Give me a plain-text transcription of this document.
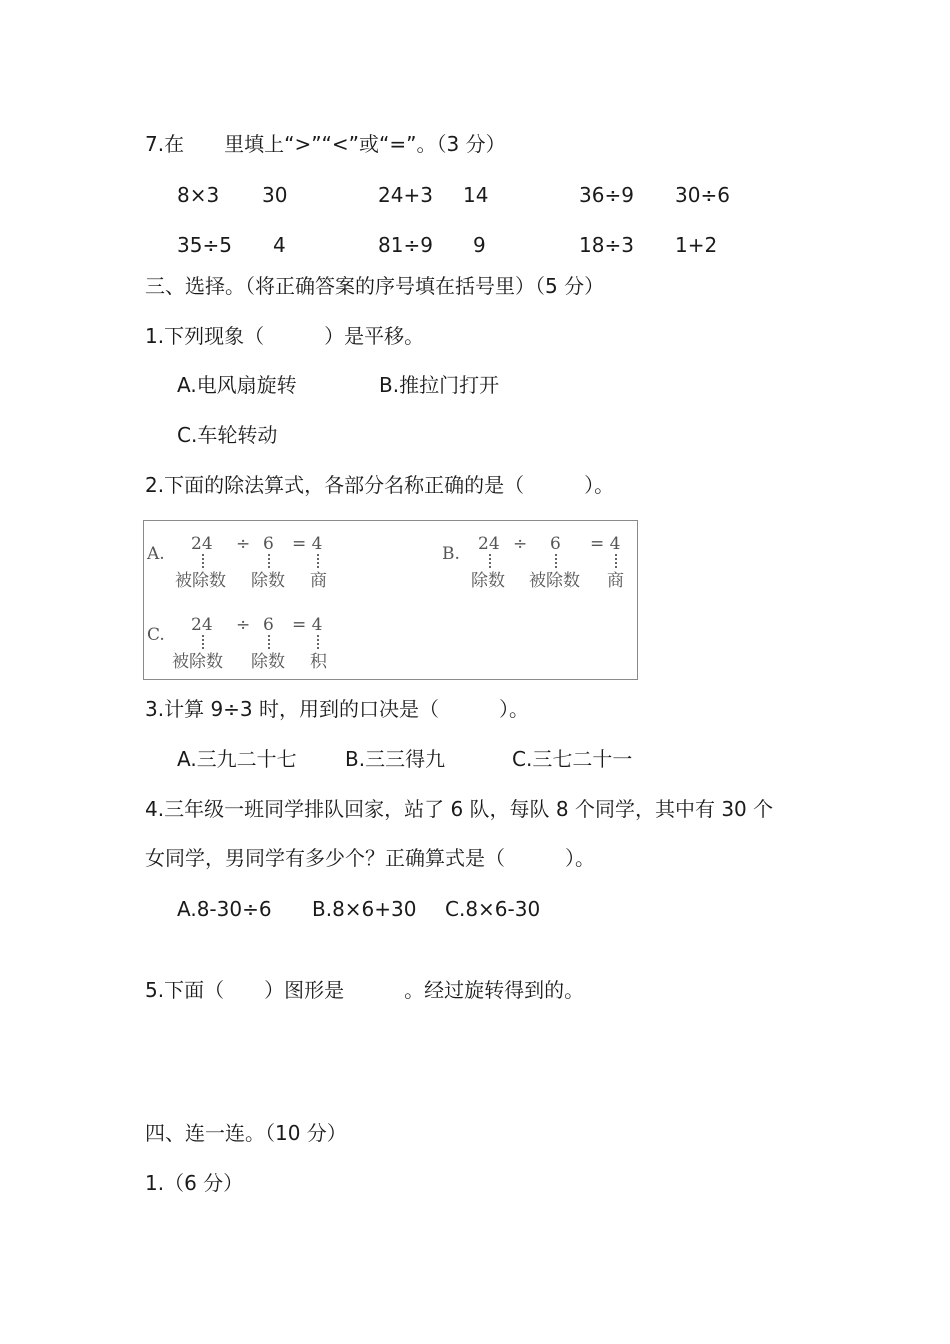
7.在　　里填上“>”“<”或“=”。（3 分）
8×3 30	24+3 14	36÷9 30÷6
35÷5 4	81÷9 9	18÷3 1+2
三、选择。（将正确答案的序号填在括号里）（5 分）
1.下列现象（　　　）是平移。
A.电风扇旋转	B.推拉门打开
C.车轮转动
2.下面的除法算式，各部分名称正确的是（　　　）。
A. 24 ÷ 6 = 4
被除数 除数 商
B. 24 ÷ 6 = 4
除数 被除数 商
C. 24 ÷ 6 = 4
被除数 除数 积
3.计算 9÷3 时，用到的口决是（　　　）。
A.三九二十七 B.三三得九	C.三七二十一
4.三年级一班同学排队回家，站了 6 队，每队 8 个同学，其中有 30 个
女同学，男同学有多少个？正确算式是（　　　）。
A.8-30÷6 B.8×6+30 C.8×6-30
5.下面（　　）图形是　　　。经过旋转得到的。
四、连一连。（10 分）
1.（6 分）
